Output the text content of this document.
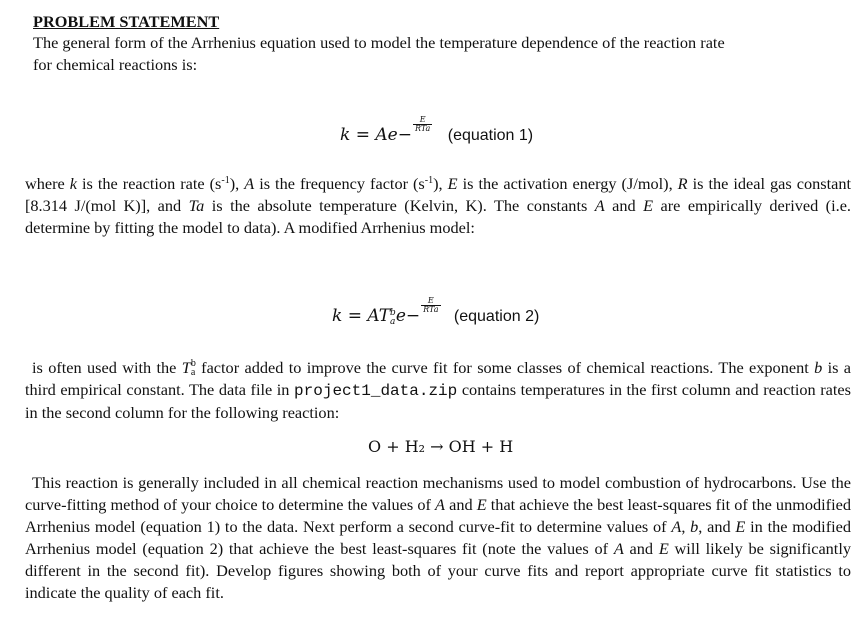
PROBLEM STATEMENT
The general form of the Arrhenius equation used to model the temperature dependence of the reaction rate
for chemical reactions is:
k = Ae−
$\frac{E}{\text{RTa}}$
(equation 1)
where k is the reaction rate $(s^{-1})$, A is the frequency factor $(s^{-1})$, E is the activation energy (J/mol), R is the ideal gas constant [8.314 J/(mol K)], and Ta is the absolute temperature (Kelvin, K). The constants A and E are empirically derived (i.e. determine by fitting the model to data). A modified Arrhenius model:
k = AT b
a e−
$\frac{E}{\text{RTa}}$
(equation 2)
is often used with the T b
a factor added to improve the curve fit for some classes of chemical reactions. The exponent b is a third empirical constant. The data file in project1_data.zip contains temperatures in the first column and reaction rates in the second column for the following reaction:
O + H₂ → OH + H
This reaction is generally included in all chemical reaction mechanisms used to model combustion of hydrocarbons. Use the curve-fitting method of your choice to determine the values of A and E that achieve the best least-squares fit of the unmodified Arrhenius model (equation 1) to the data. Next perform a second curve-fit to determine values of A, b, and E in the modified Arrhenius model (equation 2) that achieve the best least-squares fit (note the values of A and E will likely be significantly different in the second fit). Develop figures showing both of your curve fits and report appropriate curve fit statistics to indicate the quality of each fit.
